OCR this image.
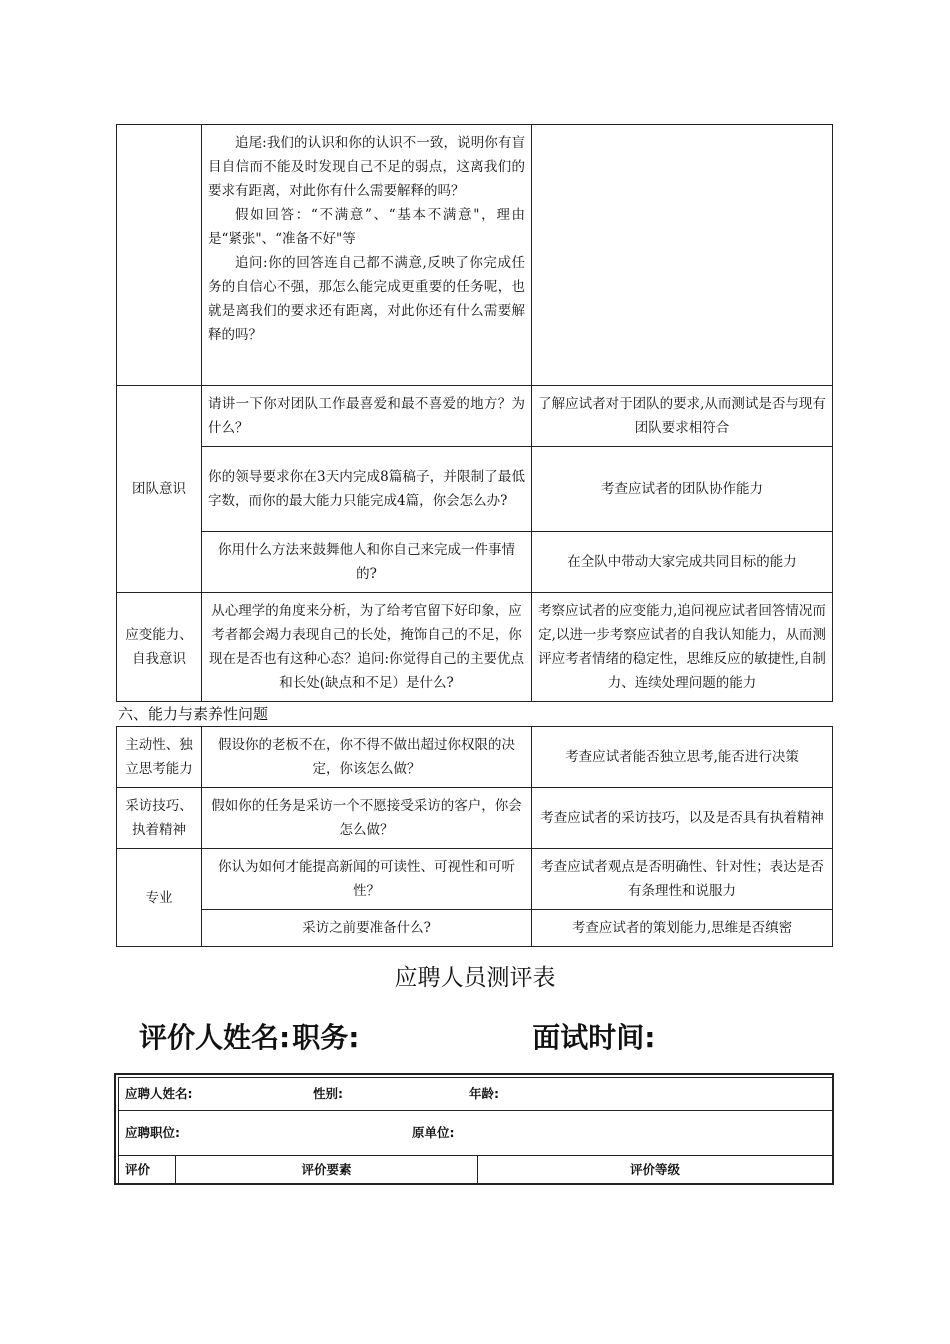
	追尾:我们的认识和你的认识不一致，说明你有盲目自信而不能及时发现自己不足的弱点，这离我们的要求有距离，对此你有什么需要解释的吗？
假如回答：“不满意”、“基本不满意"，理由是“紧张"、“准备不好"等
追问:你的回答连自己都不满意,反映了你完成任务的自信心不强，那怎么能完成更重要的任务呢，也就是离我们的要求还有距离，对此你还有什么需要解释的吗？	

团队意识	请讲一下你对团队工作最喜爱和最不喜爱的地方？为什么？	了解应试者对于团队的要求,从而测试是否与现有团队要求相符合
	你的领导要求你在3天内完成8篇稿子，并限制了最低字数，而你的最大能力只能完成4篇，你会怎么办?	考查应试者的团队协作能力
	你用什么方法来鼓舞他人和你自己来完成一件事情的?	在全队中带动大家完成共同目标的能力
应变能力、自我意识	从心理学的角度来分析，为了给考官留下好印象，应考者都会竭力表现自己的长处，掩饰自己的不足，你现在是否也有这种心态？追问:你觉得自己的主要优点和长处(缺点和不足）是什么?	考察应试者的应变能力,追问视应试者回答情况而定,以进一步考察应试者的自我认知能力，从而测评应考者情绪的稳定性，思维反应的敏捷性,自制力、连续处理问题的能力
六、能力与素养性问题
主动性、独立思考能力	假设你的老板不在，你不得不做出超过你权限的决定，你该怎么做？	考查应试者能否独立思考,能否进行决策
采访技巧、执着精神	假如你的任务是采访一个不愿接受采访的客户，你会怎么做？	考查应试者的采访技巧，以及是否具有执着精神
专业	你认为如何才能提高新闻的可读性、可视性和可听性？	考查应试者观点是否明确性、针对性；表达是否有条理性和说服力
	采访之前要准备什么?	考查应试者的策划能力,思维是否缜密
应聘人员测评表
评价人姓名:职务:	面试时间:
应聘人姓名:	性别:	年龄:
应聘职位:	原单位:
评价	评价要素	评价等级
